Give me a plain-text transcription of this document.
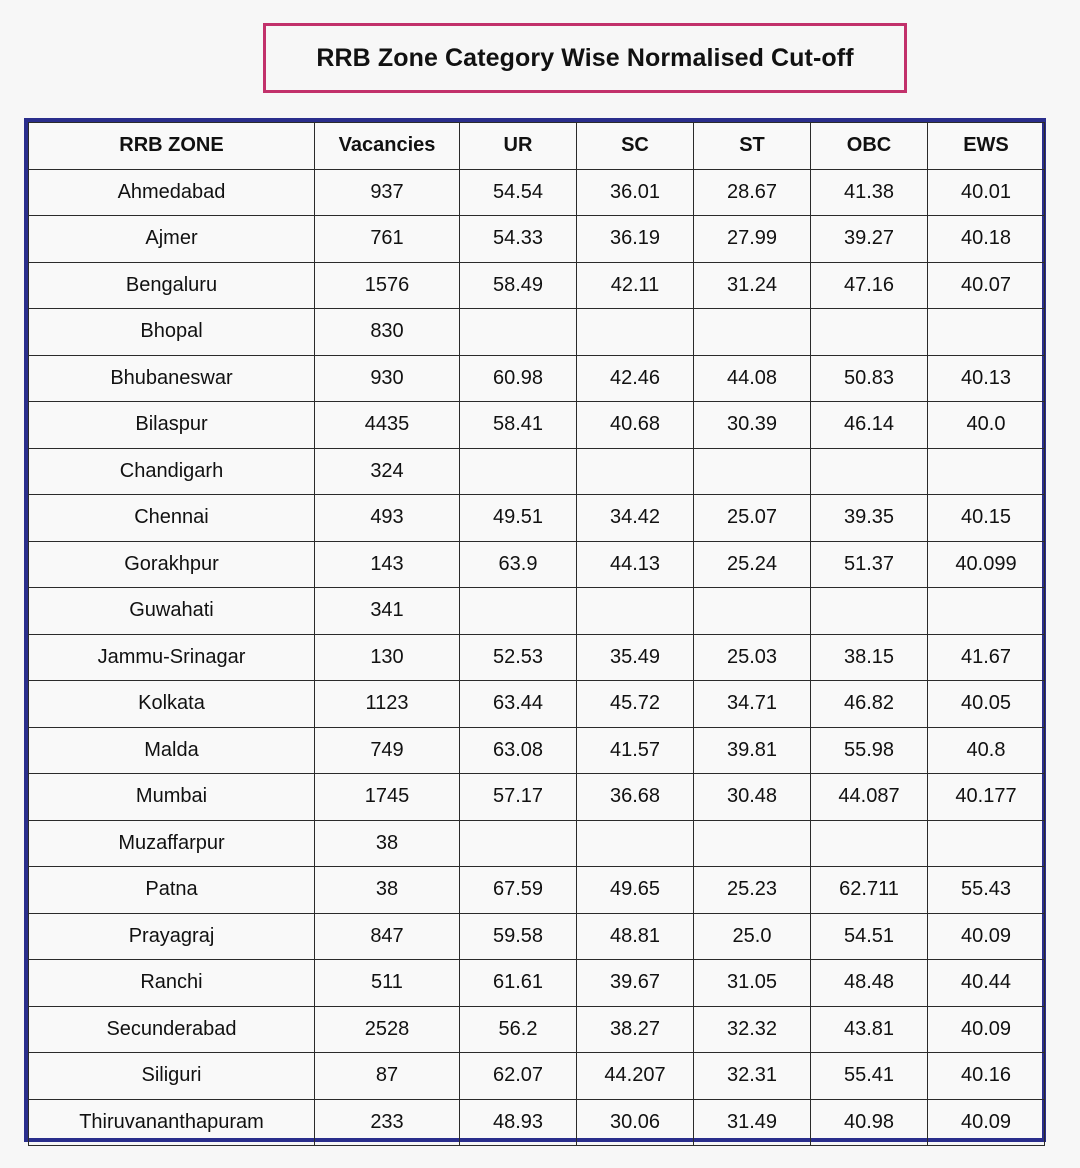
RRB Zone Category Wise Normalised Cut-off
RRB ZONE	Vacancies	UR	SC	ST	OBC	EWS
Ahmedabad	937	54.54	36.01	28.67	41.38	40.01
Ajmer	761	54.33	36.19	27.99	39.27	40.18
Bengaluru	1576	58.49	42.11	31.24	47.16	40.07
Bhopal	830					
Bhubaneswar	930	60.98	42.46	44.08	50.83	40.13
Bilaspur	4435	58.41	40.68	30.39	46.14	40.0
Chandigarh	324					
Chennai	493	49.51	34.42	25.07	39.35	40.15
Gorakhpur	143	63.9	44.13	25.24	51.37	40.099
Guwahati	341					
Jammu-Srinagar	130	52.53	35.49	25.03	38.15	41.67
Kolkata	1123	63.44	45.72	34.71	46.82	40.05
Malda	749	63.08	41.57	39.81	55.98	40.8
Mumbai	1745	57.17	36.68	30.48	44.087	40.177
Muzaffarpur	38					
Patna	38	67.59	49.65	25.23	62.711	55.43
Prayagraj	847	59.58	48.81	25.0	54.51	40.09
Ranchi	511	61.61	39.67	31.05	48.48	40.44
Secunderabad	2528	56.2	38.27	32.32	43.81	40.09
Siliguri	87	62.07	44.207	32.31	55.41	40.16
Thiruvananthapuram	233	48.93	30.06	31.49	40.98	40.09
